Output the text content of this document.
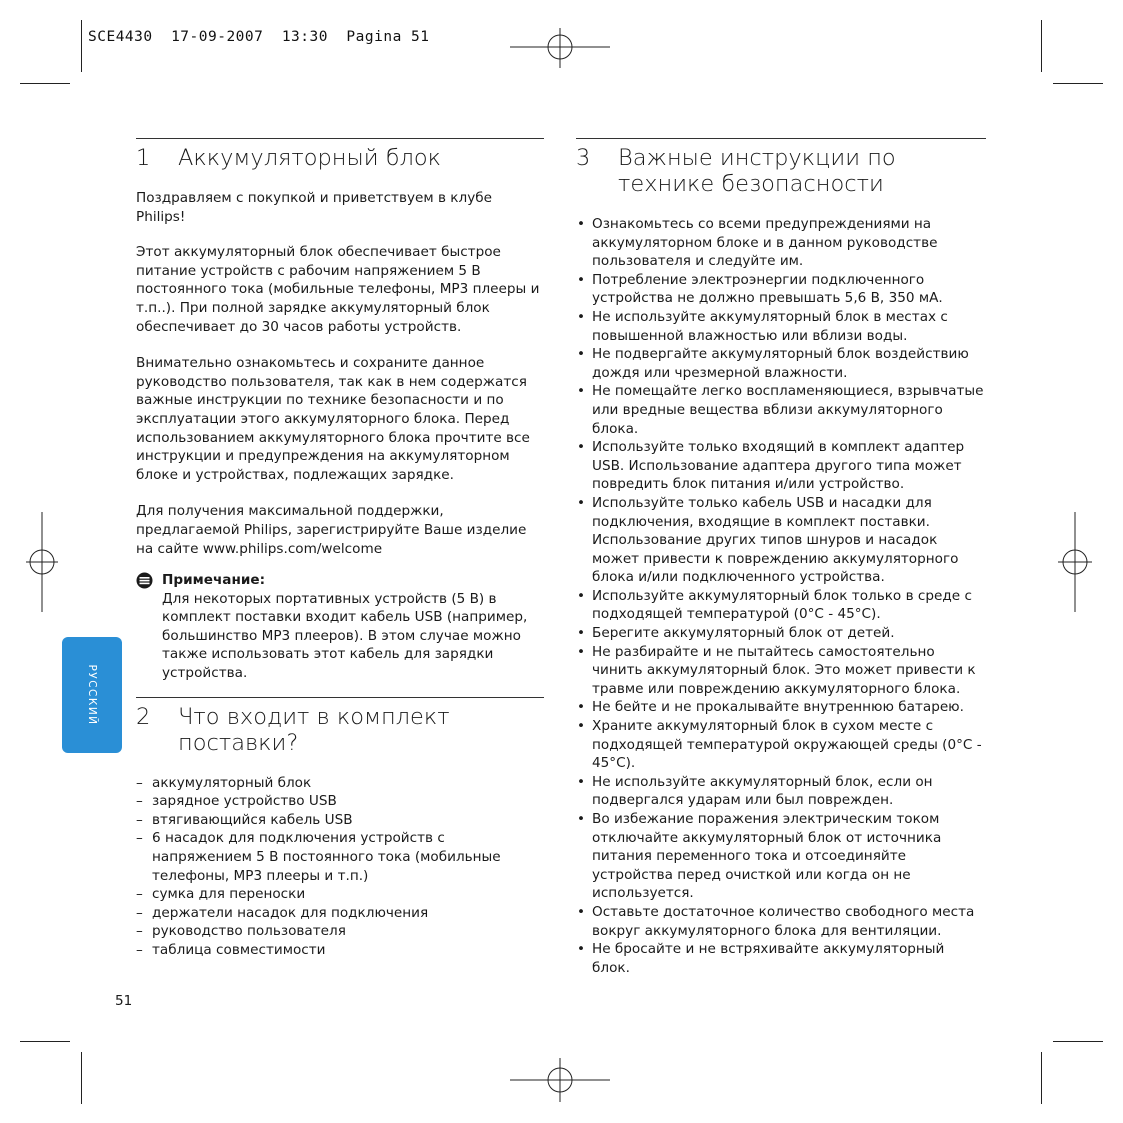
SCE4430  17-09-2007  13:30  Pagina 51
РУССКИЙ
1	Аккумуляторный блок

Поздравляем с покупкой и приветствуем в клубе Philips!

Этот аккумуляторный блок обеспечивает быстрое питание устройств с рабочим напряжением 5 В постоянного тока (мобильные телефоны, MP3 плееры и т.п..). При полной зарядке аккумуляторный блок обеспечивает до 30 часов работы устройств.

Внимательно ознакомьтесь и сохраните данное руководство пользователя, так как в нем содержатся важные инструкции по технике безопасности и по эксплуатации этого аккумуляторного блока. Перед использованием аккумуляторного блока прочтите все инструкции и предупреждения на аккумуляторном блоке и устройствах, подлежащих зарядке.

Для получения максимальной поддержки, предлагаемой Philips, зарегистрируйте Ваше изделие на сайте www.philips.com/welcome

Примечание:

Для некоторых портативных устройств (5 В) в комплект поставки входит кабель USB (например, большинство MP3 плееров). В этом случае можно также использовать этот кабель для зарядки устройства.

2	Что входит в комплект поставки?
– аккумуляторный блок
– зарядное устройство USB
– втягивающийся кабель USB
– 6 насадок для подключения устройств с напряжением 5 В постоянного тока (мобильные телефоны, MP3 плееры и т.п.)
– сумка для переноски
– держатели насадок для подключения
– руководство пользователя
– таблица совместимости
3	Важные инструкции по технике безопасности
• Ознакомьтесь со всеми предупреждениями на аккумуляторном блоке и в данном руководстве пользователя и следуйте им.
• Потребление электроэнергии подключенного устройства не должно превышать 5,6 В, 350 мА.
• Не используйте аккумуляторный блок в местах с повышенной влажностью или вблизи воды.
• Не подвергайте аккумуляторный блок воздействию дождя или чрезмерной влажности.
• Не помещайте легко воспламеняющиеся, взрывчатые или вредные вещества вблизи аккумуляторного блока.
• Используйте только входящий в комплект адаптер USB. Использование адаптера другого типа может повредить блок питания и/или устройство.
• Используйте только кабель USB и насадки для подключения, входящие в комплект поставки. Использование других типов шнуров и насадок может привести к повреждению аккумуляторного блока и/или подключенного устройства.
• Используйте аккумуляторный блок только в среде с подходящей температурой (0°C - 45°C).
• Берегите аккумуляторный блок от детей.
• Не разбирайте и не пытайтесь самостоятельно чинить аккумуляторный блок. Это может привести к травме или повреждению аккумуляторного блока.
• Не бейте и не прокалывайте внутреннюю батарею.
• Храните аккумуляторный блок в сухом месте с подходящей температурой окружающей среды (0°C - 45°C).
• Не используйте аккумуляторный блок, если он подвергался ударам или был поврежден.
• Во избежание поражения электрическим током отключайте аккумуляторный блок от источника питания переменного тока и отсоединяйте устройства перед очисткой или когда он не используется.
• Оставьте достаточное количество свободного места вокруг аккумуляторного блока для вентиляции.
• Не бросайте и не встряхивайте аккумуляторный блок.
51
